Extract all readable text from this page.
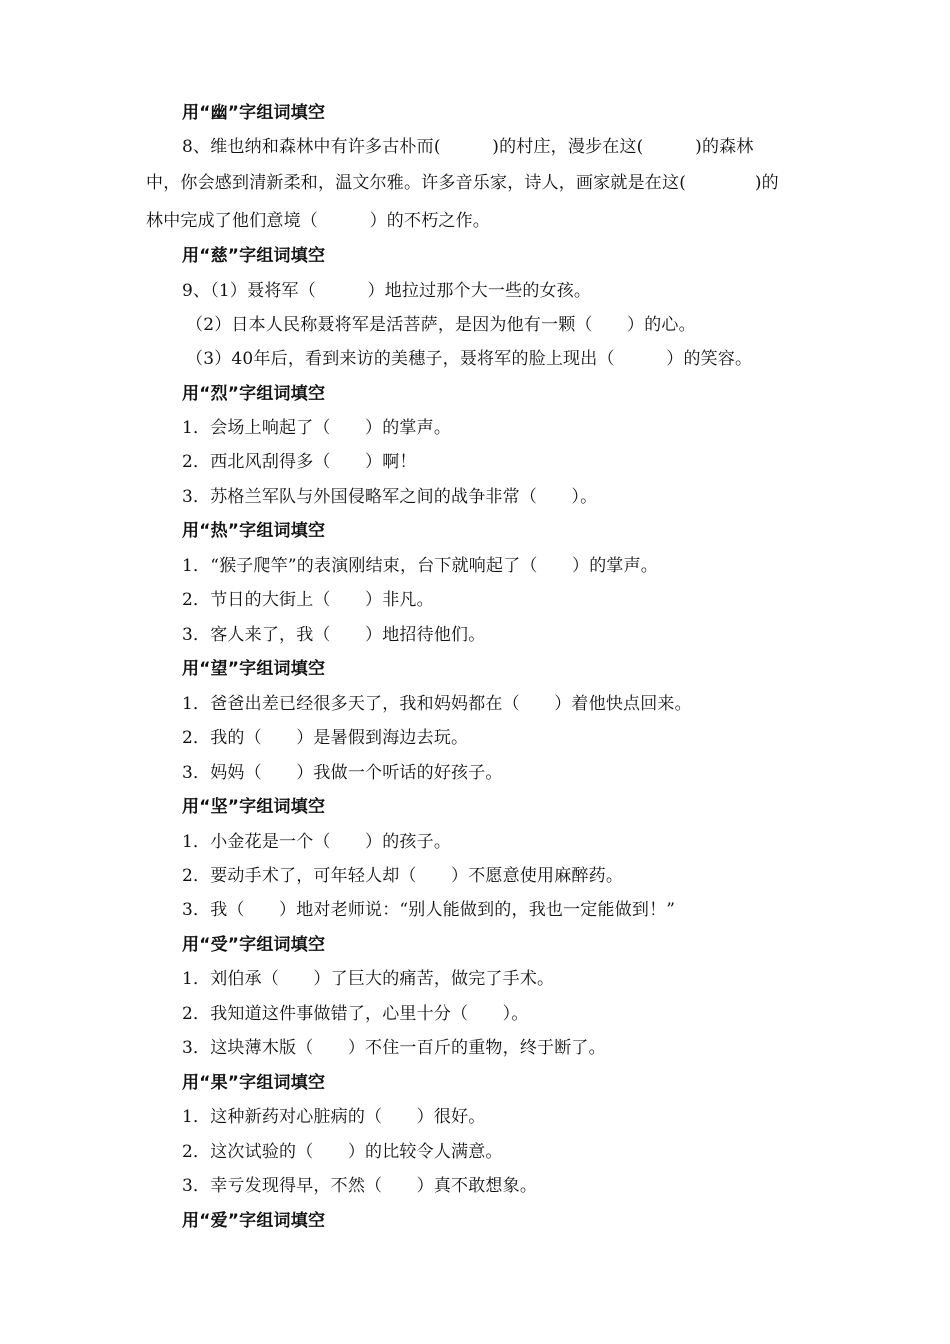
用“幽”字组词填空
8、维也纳和森林中有许多古朴而(　　　)的村庄，漫步在这(　　　)的森林
中，你会感到清新柔和，温文尔雅。许多音乐家，诗人，画家就是在这(　　　　)的
林中完成了他们意境（　　　）的不朽之作。
用“慈”字组词填空
9、（1）聂将军（　　　）地拉过那个大一些的女孩。
（2）日本人民称聂将军是活菩萨，是因为他有一颗（　　）的心。
（3）40年后，看到来访的美穗子，聂将军的脸上现出（　　　）的笑容。
用“烈”字组词填空
1．会场上响起了（　　）的掌声。
2．西北风刮得多（　　）啊！
3．苏格兰军队与外国侵略军之间的战争非常（　　）。
用“热”字组词填空
1．“猴子爬竿”的表演刚结束，台下就响起了（　　）的掌声。
2．节日的大街上（　　）非凡。
3．客人来了，我（　　）地招待他们。
用“望”字组词填空
1．爸爸出差已经很多天了，我和妈妈都在（　　）着他快点回来。
2．我的（　　）是暑假到海边去玩。
3．妈妈（　　）我做一个听话的好孩子。
用“坚”字组词填空
1．小金花是一个（　　）的孩子。
2．要动手术了，可年轻人却（　　）不愿意使用麻醉药。
3．我（　　）地对老师说：“别人能做到的，我也一定能做到！”
用“受”字组词填空
1．刘伯承（　　）了巨大的痛苦，做完了手术。
2．我知道这件事做错了，心里十分（　　）。
3．这块薄木版（　　）不住一百斤的重物，终于断了。
用“果”字组词填空
1．这种新药对心脏病的（　　）很好。
2．这次试验的（　　）的比较令人满意。
3．幸亏发现得早，不然（　　）真不敢想象。
用“爱”字组词填空
